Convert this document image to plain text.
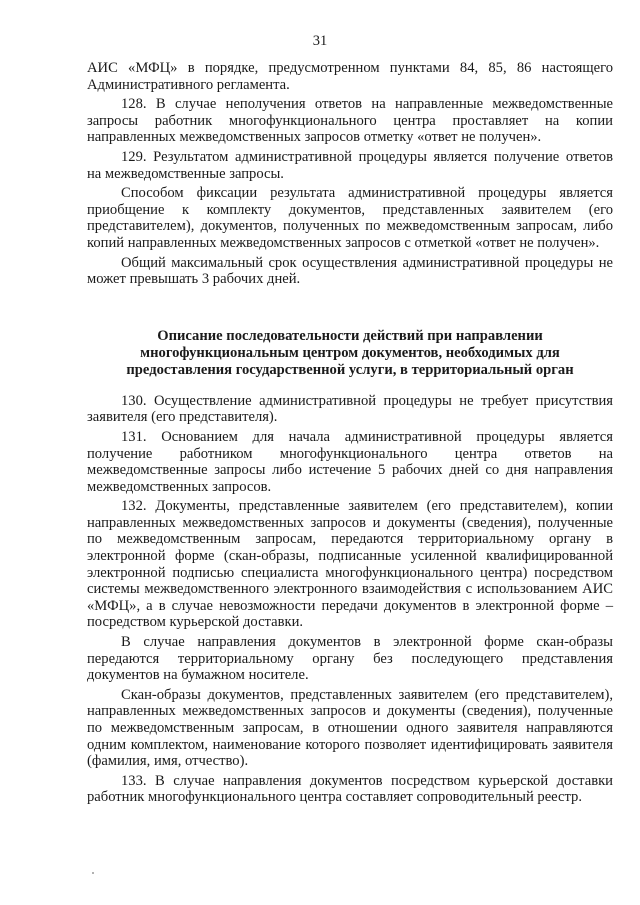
31

АИС «МФЦ» в порядке, предусмотренном пунктами 84, 85, 86 настоящего Административного регламента.

128. В случае неполучения ответов на направленные межведомственные запросы работник многофункционального центра проставляет на копии направленных межведомственных запросов отметку «ответ не получен».

129. Результатом административной процедуры является получение ответов на межведомственные запросы.

Способом фиксации результата административной процедуры является приобщение к комплекту документов, представленных заявителем (его представителем), документов, полученных по межведомственным запросам, либо копий направленных межведомственных запросов с отметкой «ответ не получен».

Общий максимальный срок осуществления административной процедуры не может превышать 3 рабочих дней.

Описание последовательности действий при направлении многофункциональным центром документов, необходимых для предоставления государственной услуги, в территориальный орган

130. Осуществление административной процедуры не требует присутствия заявителя (его представителя).

131. Основанием для начала административной процедуры является получение работником многофункционального центра ответов на межведомственные запросы либо истечение 5 рабочих дней со дня направления межведомственных запросов.

132. Документы, представленные заявителем (его представителем), копии направленных межведомственных запросов и документы (сведения), полученные по межведомственным запросам, передаются территориальному органу в электронной форме (скан-образы, подписанные усиленной квалифицированной электронной подписью специалиста многофункционального центра) посредством системы межведомственного электронного взаимодействия с использованием АИС «МФЦ», а в случае невозможности передачи документов в электронной форме – посредством курьерской доставки.

В случае направления документов в электронной форме скан-образы передаются территориальному органу без последующего представления документов на бумажном носителе.

Скан-образы документов, представленных заявителем (его представителем), направленных межведомственных запросов и документы (сведения), полученные по межведомственным запросам, в отношении одного заявителя направляются одним комплектом, наименование которого позволяет идентифицировать заявителя (фамилия, имя, отчество).

133. В случае направления документов посредством курьерской доставки работник многофункционального центра составляет сопроводительный реестр.
